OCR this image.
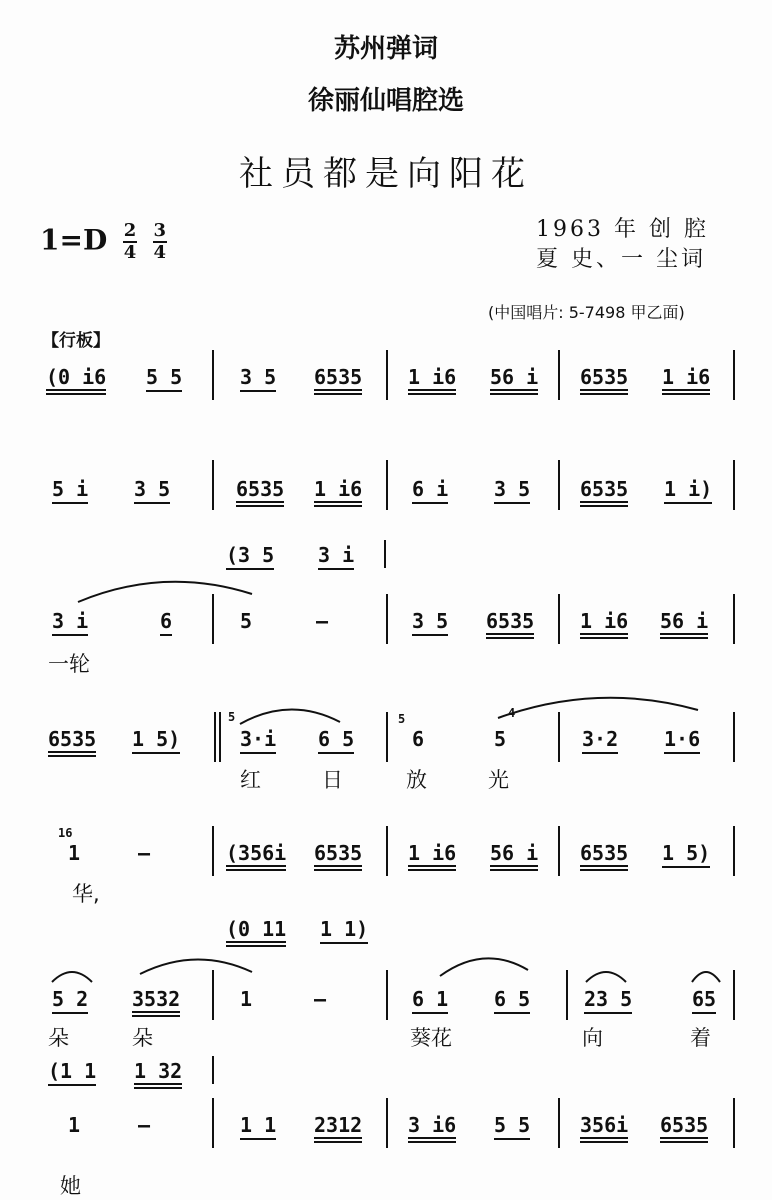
苏州弹词
徐丽仙唱腔选
社员都是向阳花
$1=D \frac{2}{4}$
$\frac{3}{4}$	1963 年 创 腔
夏 史、一 尘词
(中国唱片: 5-7498 甲乙面)
【行板】
(0 i6 5 5	3 5 6535 1 i6 56 i 6535 1 i6
5 i 3 5	6535 1 i6 6 i 3 5 6535 1 i)
(3 5 3 i
3 i	6	5	–	3 5 6535 1 i6 56 i
一轮
6535 1 5)
5
3·i 6 5
5
6	5
4
3·2 1·6
红	日	放	光
16
1	–	(356i 6535 1 i6 56 i 6535 1 5)
华,
(0 11 1 1)
5 2 3532	1	–	6 1 6 5	23 5	65
朵	朵	葵花	向	着
(1 1 1 32
1	–	1 1 2312 3 i6 5 5 356i 6535
她
